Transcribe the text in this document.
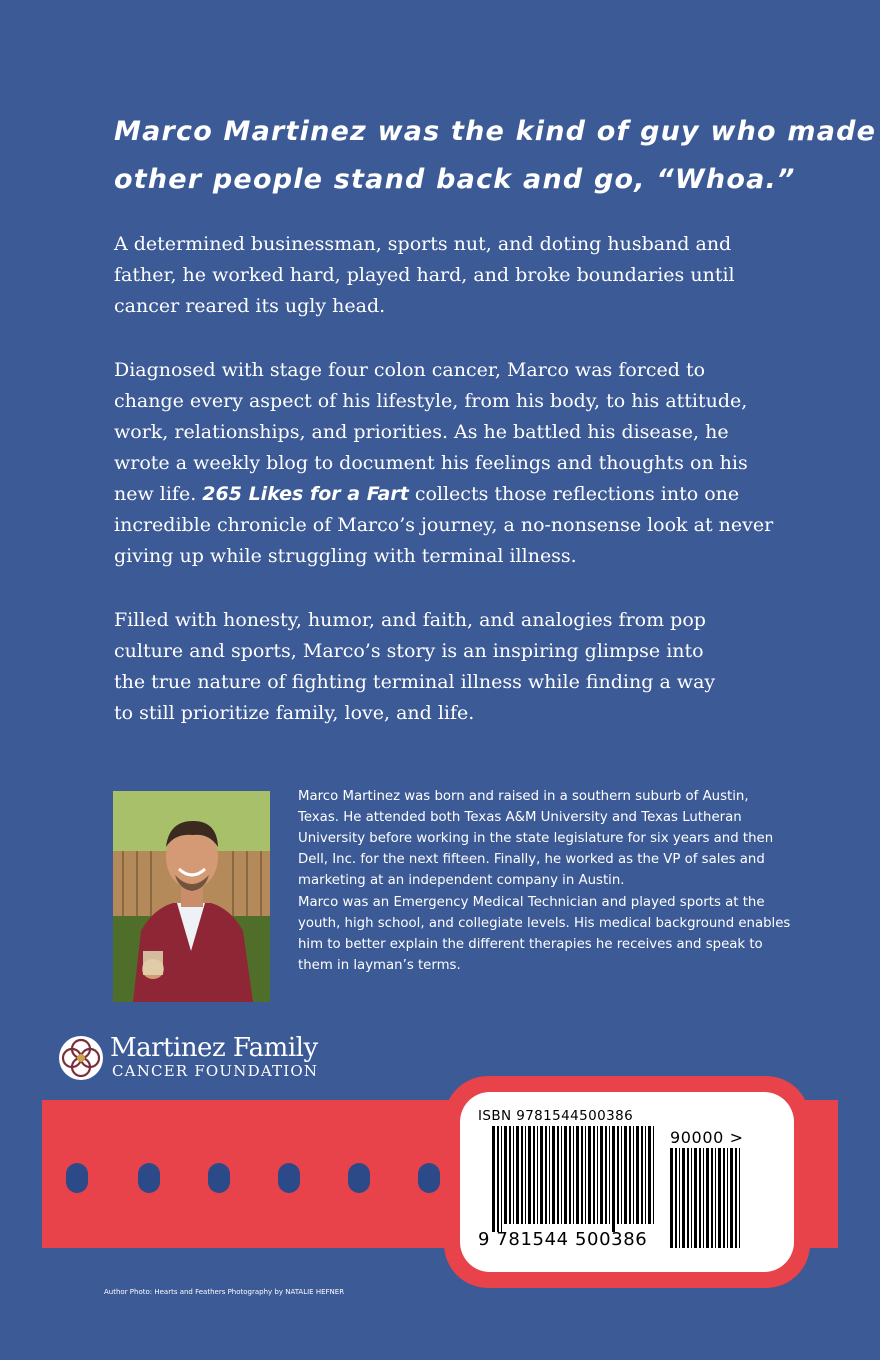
Marco Martinez was the kind of guy who made
other people stand back and go, “Whoa.”

A determined businessman, sports nut, and doting husband and
father, he worked hard, played hard, and broke boundaries until
cancer reared its ugly head.

Diagnosed with stage four colon cancer, Marco was forced to
change every aspect of his lifestyle, from his body, to his attitude,
work, relationships, and priorities. As he battled his disease, he
wrote a weekly blog to document his feelings and thoughts on his
new life. 265 Likes for a Fart collects those reflections into one
incredible chronicle of Marco’s journey, a no-nonsense look at never
giving up while struggling with terminal illness.

Filled with honesty, humor, and faith, and analogies from pop
culture and sports, Marco’s story is an inspiring glimpse into
the true nature of fighting terminal illness while finding a way
to still prioritize family, love, and life.

Marco Martinez was born and raised in a southern suburb of Austin,
Texas. He attended both Texas A&M University and Texas Lutheran
University before working in the state legislature for six years and then
Dell, Inc. for the next fifteen. Finally, he worked as the VP of sales and
marketing at an independent company in Austin.

Marco was an Emergency Medical Technician and played sports at the
youth, high school, and collegiate levels. His medical background enables
him to better explain the different therapies he receives and speak to
them in layman’s terms.

Martinez Family
CANCER FOUNDATION
ISBN 9781544500386
90000 >
9 781544 500386
Author Photo: Hearts and Feathers Photography by NATALIE HEFNER
